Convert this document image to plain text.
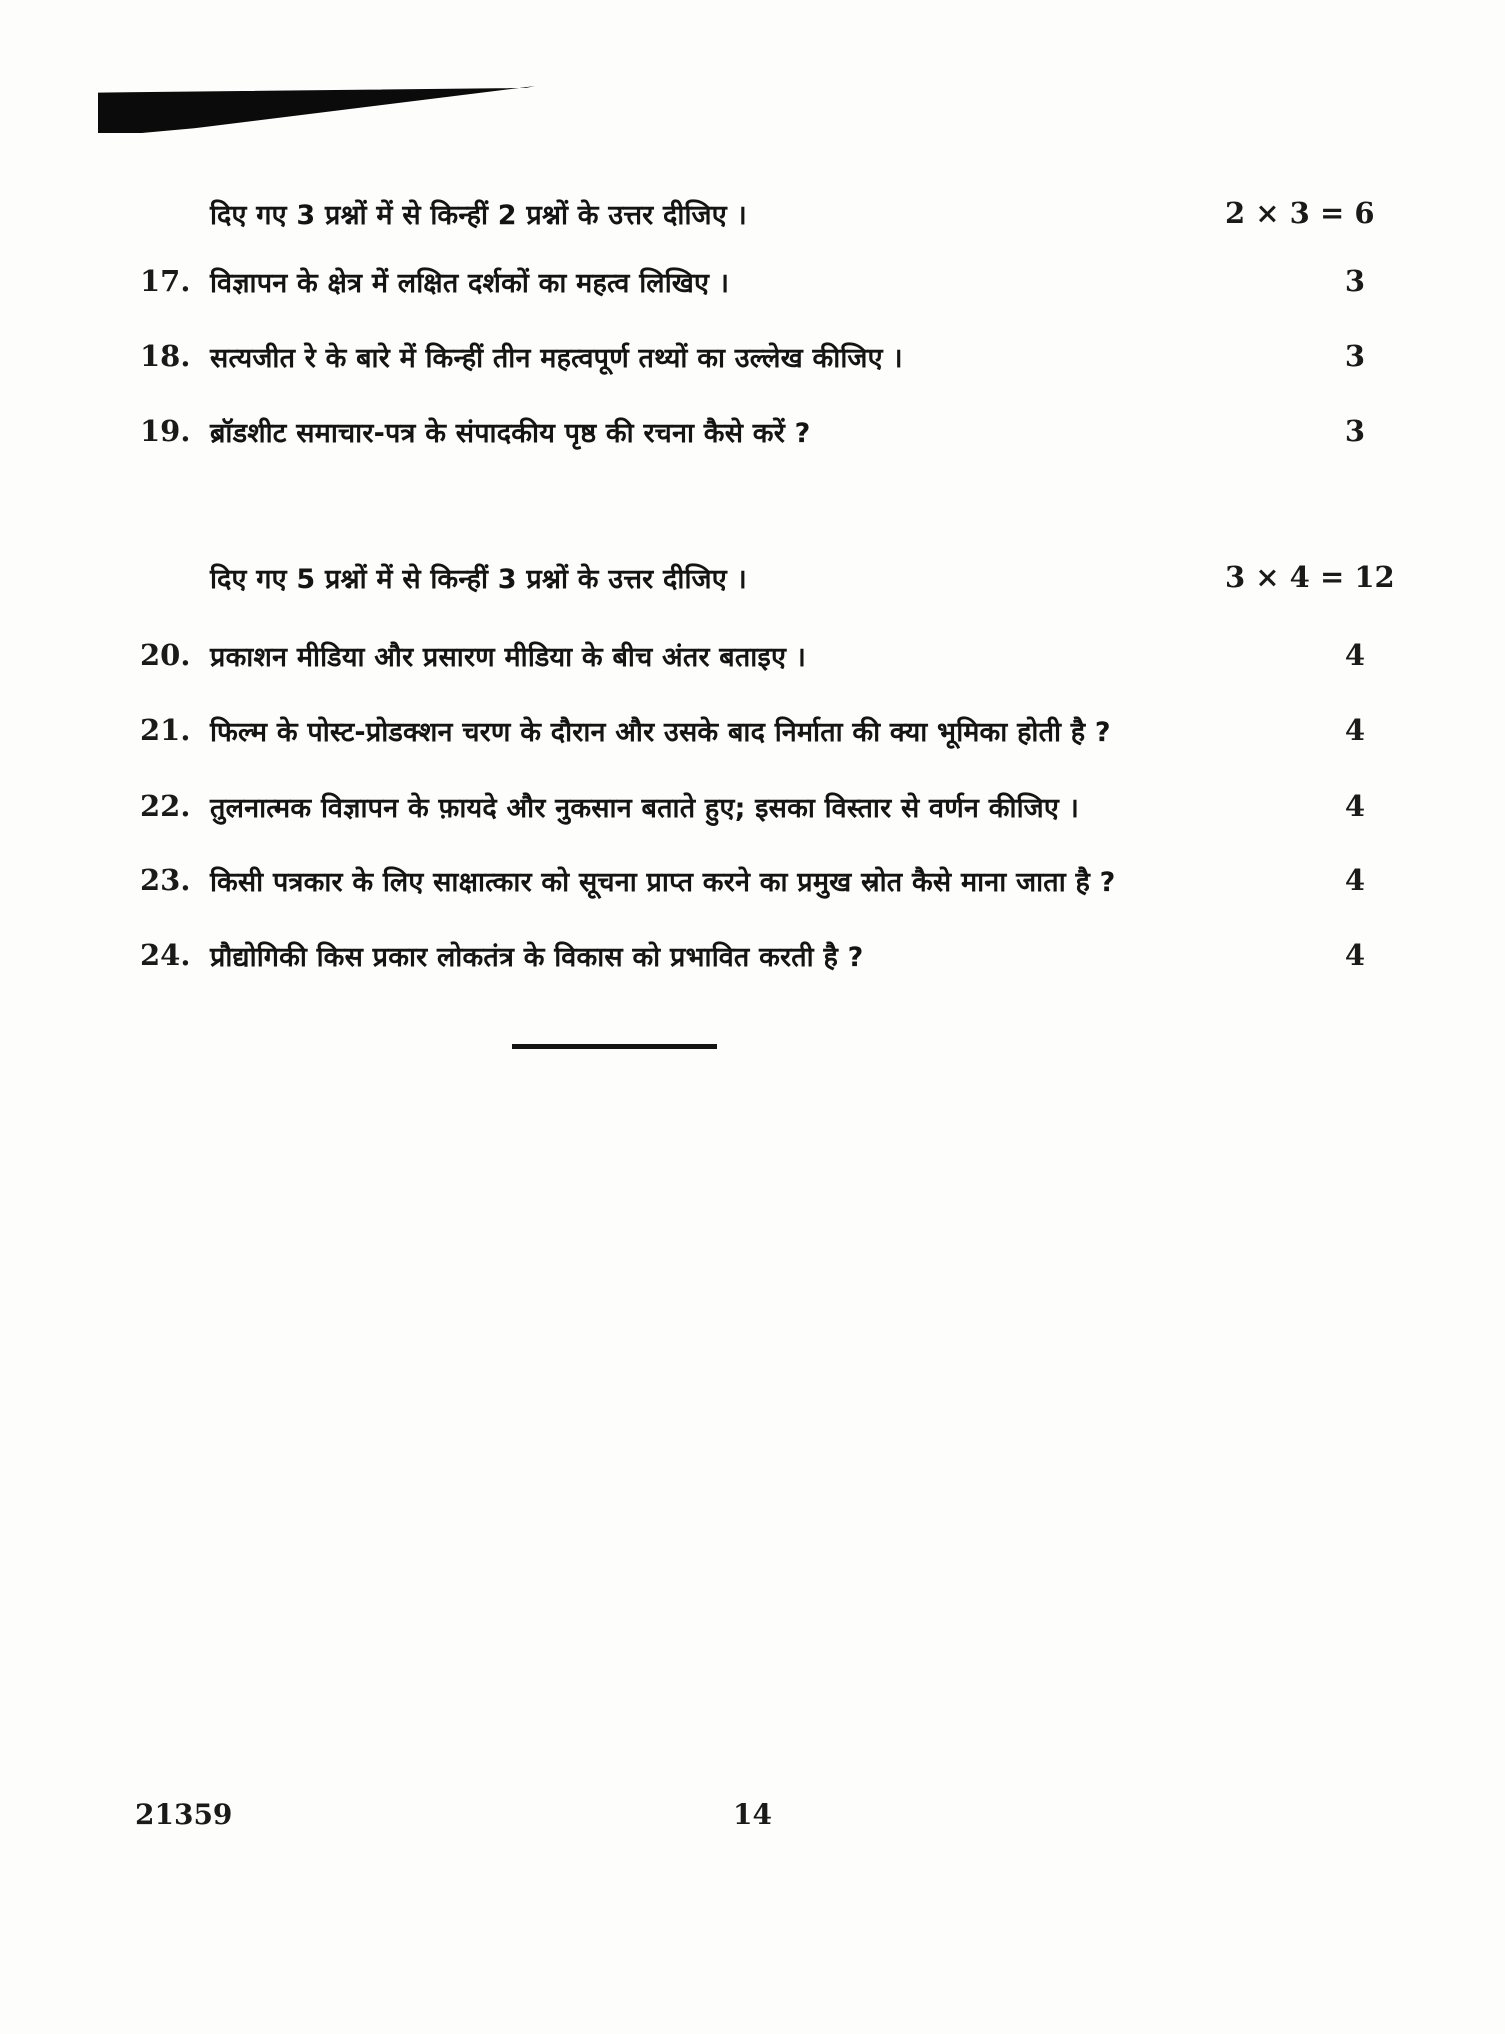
दिए गए 3 प्रश्नों में से किन्हीं 2 प्रश्नों के उत्तर दीजिए ।	2 × 3 = 6
17. विज्ञापन के क्षेत्र में लक्षित दर्शकों का महत्व लिखिए ।	3
18. सत्यजीत रे के बारे में किन्हीं तीन महत्वपूर्ण तथ्यों का उल्लेख कीजिए ।	3
19. ब्रॉडशीट समाचार-पत्र के संपादकीय पृष्ठ की रचना कैसे करें ?	3
दिए गए 5 प्रश्नों में से किन्हीं 3 प्रश्नों के उत्तर दीजिए ।	3 × 4 = 12
20. प्रकाशन मीडिया और प्रसारण मीडिया के बीच अंतर बताइए ।	4
21. फिल्म के पोस्ट-प्रोडक्शन चरण के दौरान और उसके बाद निर्माता की क्या भूमिका होती है ?	4
22. तुलनात्मक विज्ञापन के फ़ायदे और नुकसान बताते हुए; इसका विस्तार से वर्णन कीजिए ।	4
23. किसी पत्रकार के लिए साक्षात्कार को सूचना प्राप्त करने का प्रमुख स्रोत कैसे माना जाता है ?	4
24. प्रौद्योगिकी किस प्रकार लोकतंत्र के विकास को प्रभावित करती है ?	4
21359	14
